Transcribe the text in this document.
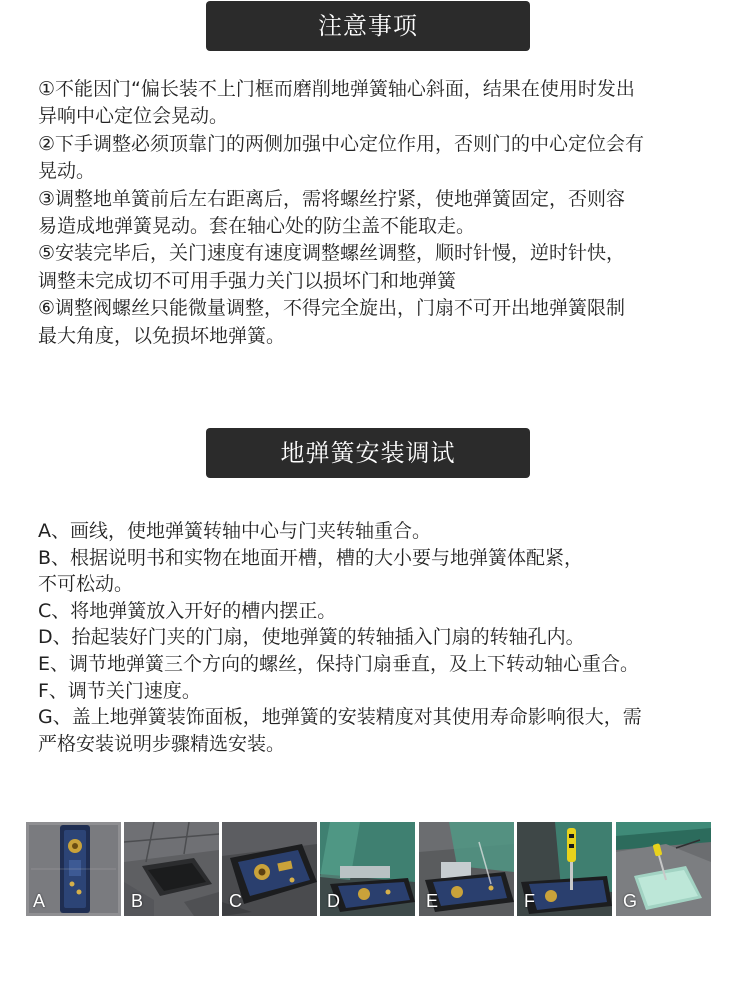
注意事项
①不能因门“偏长装不上门框而磨削地弹簧轴心斜面，结果在使用时发出
异响中心定位会晃动。
②下手调整必须顶靠门的两侧加强中心定位作用，否则门的中心定位会有
晃动。
③调整地单簧前后左右距离后，需将螺丝拧紧，使地弹簧固定，否则容
易造成地弹簧晃动。套在轴心处的防尘盖不能取走。
⑤安装完毕后，关门速度有速度调整螺丝调整，顺时针慢，逆时针快，
调整未完成切不可用手强力关门以损坏门和地弹簧
⑥调整阀螺丝只能微量调整，不得完全旋出，门扇不可开出地弹簧限制
最大角度，以免损坏地弹簧。
地弹簧安装调试
A、画线，使地弹簧转轴中心与门夹转轴重合。
B、根据说明书和实物在地面开槽，槽的大小要与地弹簧体配紧，
不可松动。
C、将地弹簧放入开好的槽内摆正。
D、抬起装好门夹的门扇，使地弹簧的转轴插入门扇的转轴孔内。
E、调节地弹簧三个方向的螺丝，保持门扇垂直，及上下转动轴心重合。
F、调节关门速度。
G、盖上地弹簧装饰面板，地弹簧的安装精度对其使用寿命影响很大，需
严格安装说明步骤精选安装。
A	B	C	D	E	F	G
